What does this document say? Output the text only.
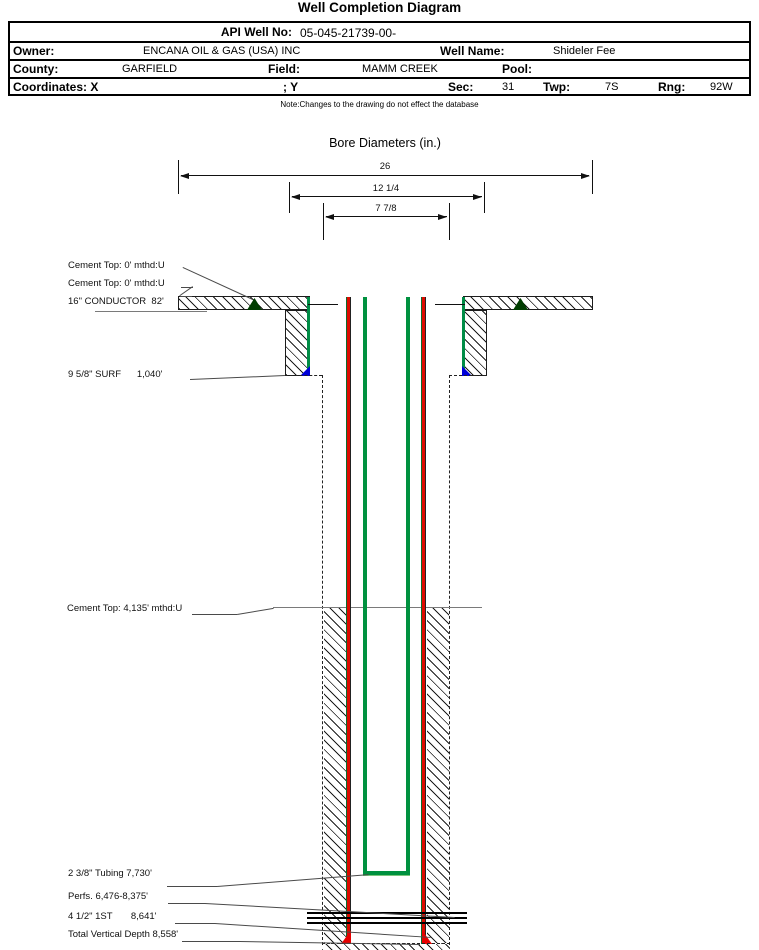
Well Completion Diagram
API Well No: 05-045-21739-00-
Owner:	ENCANA OIL & GAS (USA) INC	Well Name:	Shideler Fee
County:	GARFIELD	Field:	MAMM CREEK	Pool:
Coordinates: X	; Y	Sec:	31 Twp:	7S	Rng: 92W
Note:Changes to the drawing do not effect the database
Bore Diameters (in.)
26
12 1/4
7 7/8
Cement Top: 0' mthd:U
Cement Top: 0' mthd:U
16" CONDUCTOR  82'
9 5/8" SURF      1,040'
Cement Top: 4,135' mthd:U
2 3/8" Tubing 7,730'
Perfs. 6,476-8,375'
4 1/2" 1ST       8,641'
Total Vertical Depth 8,558'
